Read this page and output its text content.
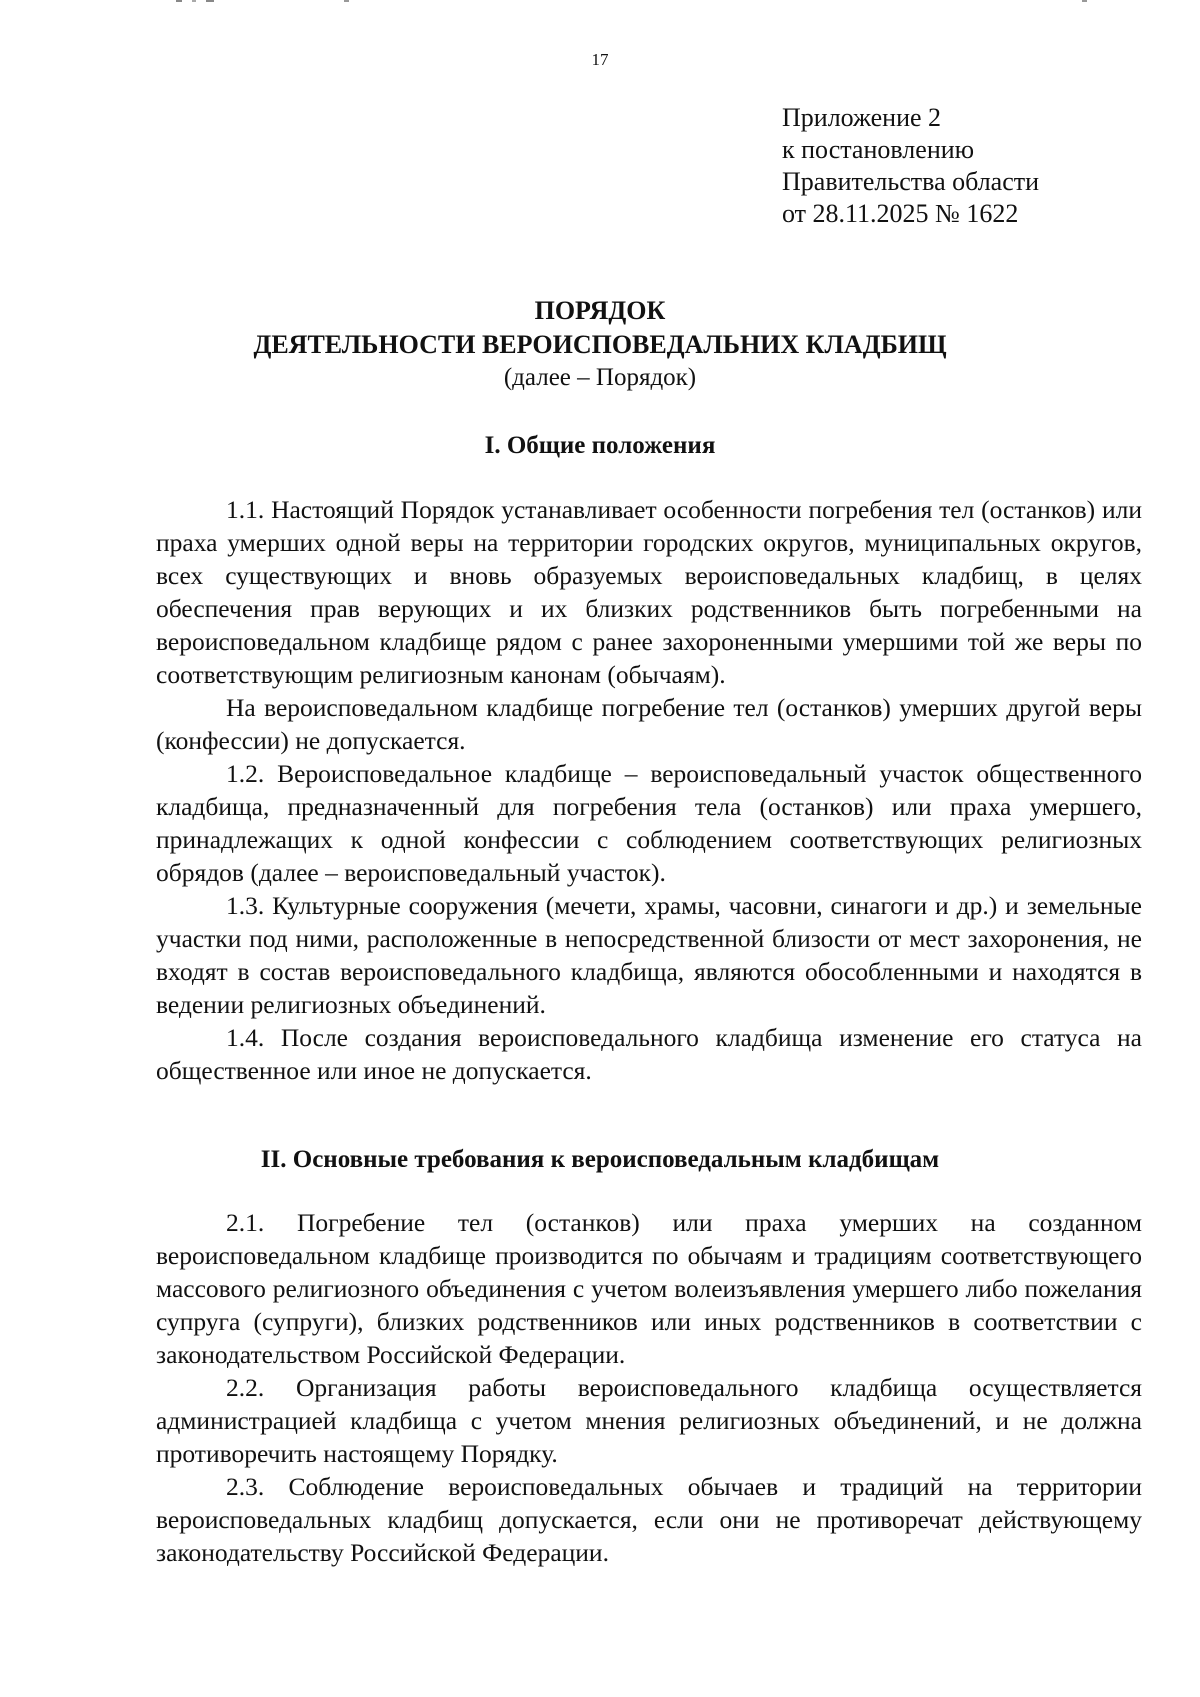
17
Приложение 2
к постановлению
Правительства области
от 28.11.2025 № 1622
ПОРЯДОК
ДЕЯТЕЛЬНОСТИ ВЕРОИСПОВЕДАЛЬНИХ КЛАДБИЩ
(далее – Порядок)
I. Общие положения

1.1. Настоящий Порядок устанавливает особенности погребения тел (останков) или праха умерших одной веры на территории городских округов, муниципальных округов, всех существующих и вновь образуемых вероисповедальных кладбищ, в целях обеспечения прав верующих и их близких родственников быть погребенными на вероисповедальном кладбище рядом с ранее захороненными умершими той же веры по соответствующим религиозным канонам (обычаям).

На вероисповедальном кладбище погребение тел (останков) умерших другой веры (конфессии) не допускается.

1.2. Вероисповедальное кладбище – вероисповедальный участок общественного кладбища, предназначенный для погребения тела (останков) или праха умершего, принадлежащих к одной конфессии с соблюдением соответствующих религиозных обрядов (далее – вероисповедальный участок).

1.3. Культурные сооружения (мечети, храмы, часовни, синагоги и др.) и земельные участки под ними, расположенные в непосредственной близости от мест захоронения, не входят в состав вероисповедального кладбища, являются обособленными и находятся в ведении религиозных объединений.

1.4. После создания вероисповедального кладбища изменение его статуса на общественное или иное не допускается.

II. Основные требования к вероисповедальным кладбищам

2.1. Погребение тел (останков) или праха умерших на созданном вероисповедальном кладбище производится по обычаям и традициям соответствующего массового религиозного объединения с учетом волеизъявления умершего либо пожелания супруга (супруги), близких родственников или иных родственников в соответствии с законодательством Российской Федерации.

2.2. Организация работы вероисповедального кладбища осуществляется администрацией кладбища с учетом мнения религиозных объединений, и не должна противоречить настоящему Порядку.

2.3. Соблюдение вероисповедальных обычаев и традиций на территории вероисповедальных кладбищ допускается, если они не противоречат действующему законодательству Российской Федерации.
